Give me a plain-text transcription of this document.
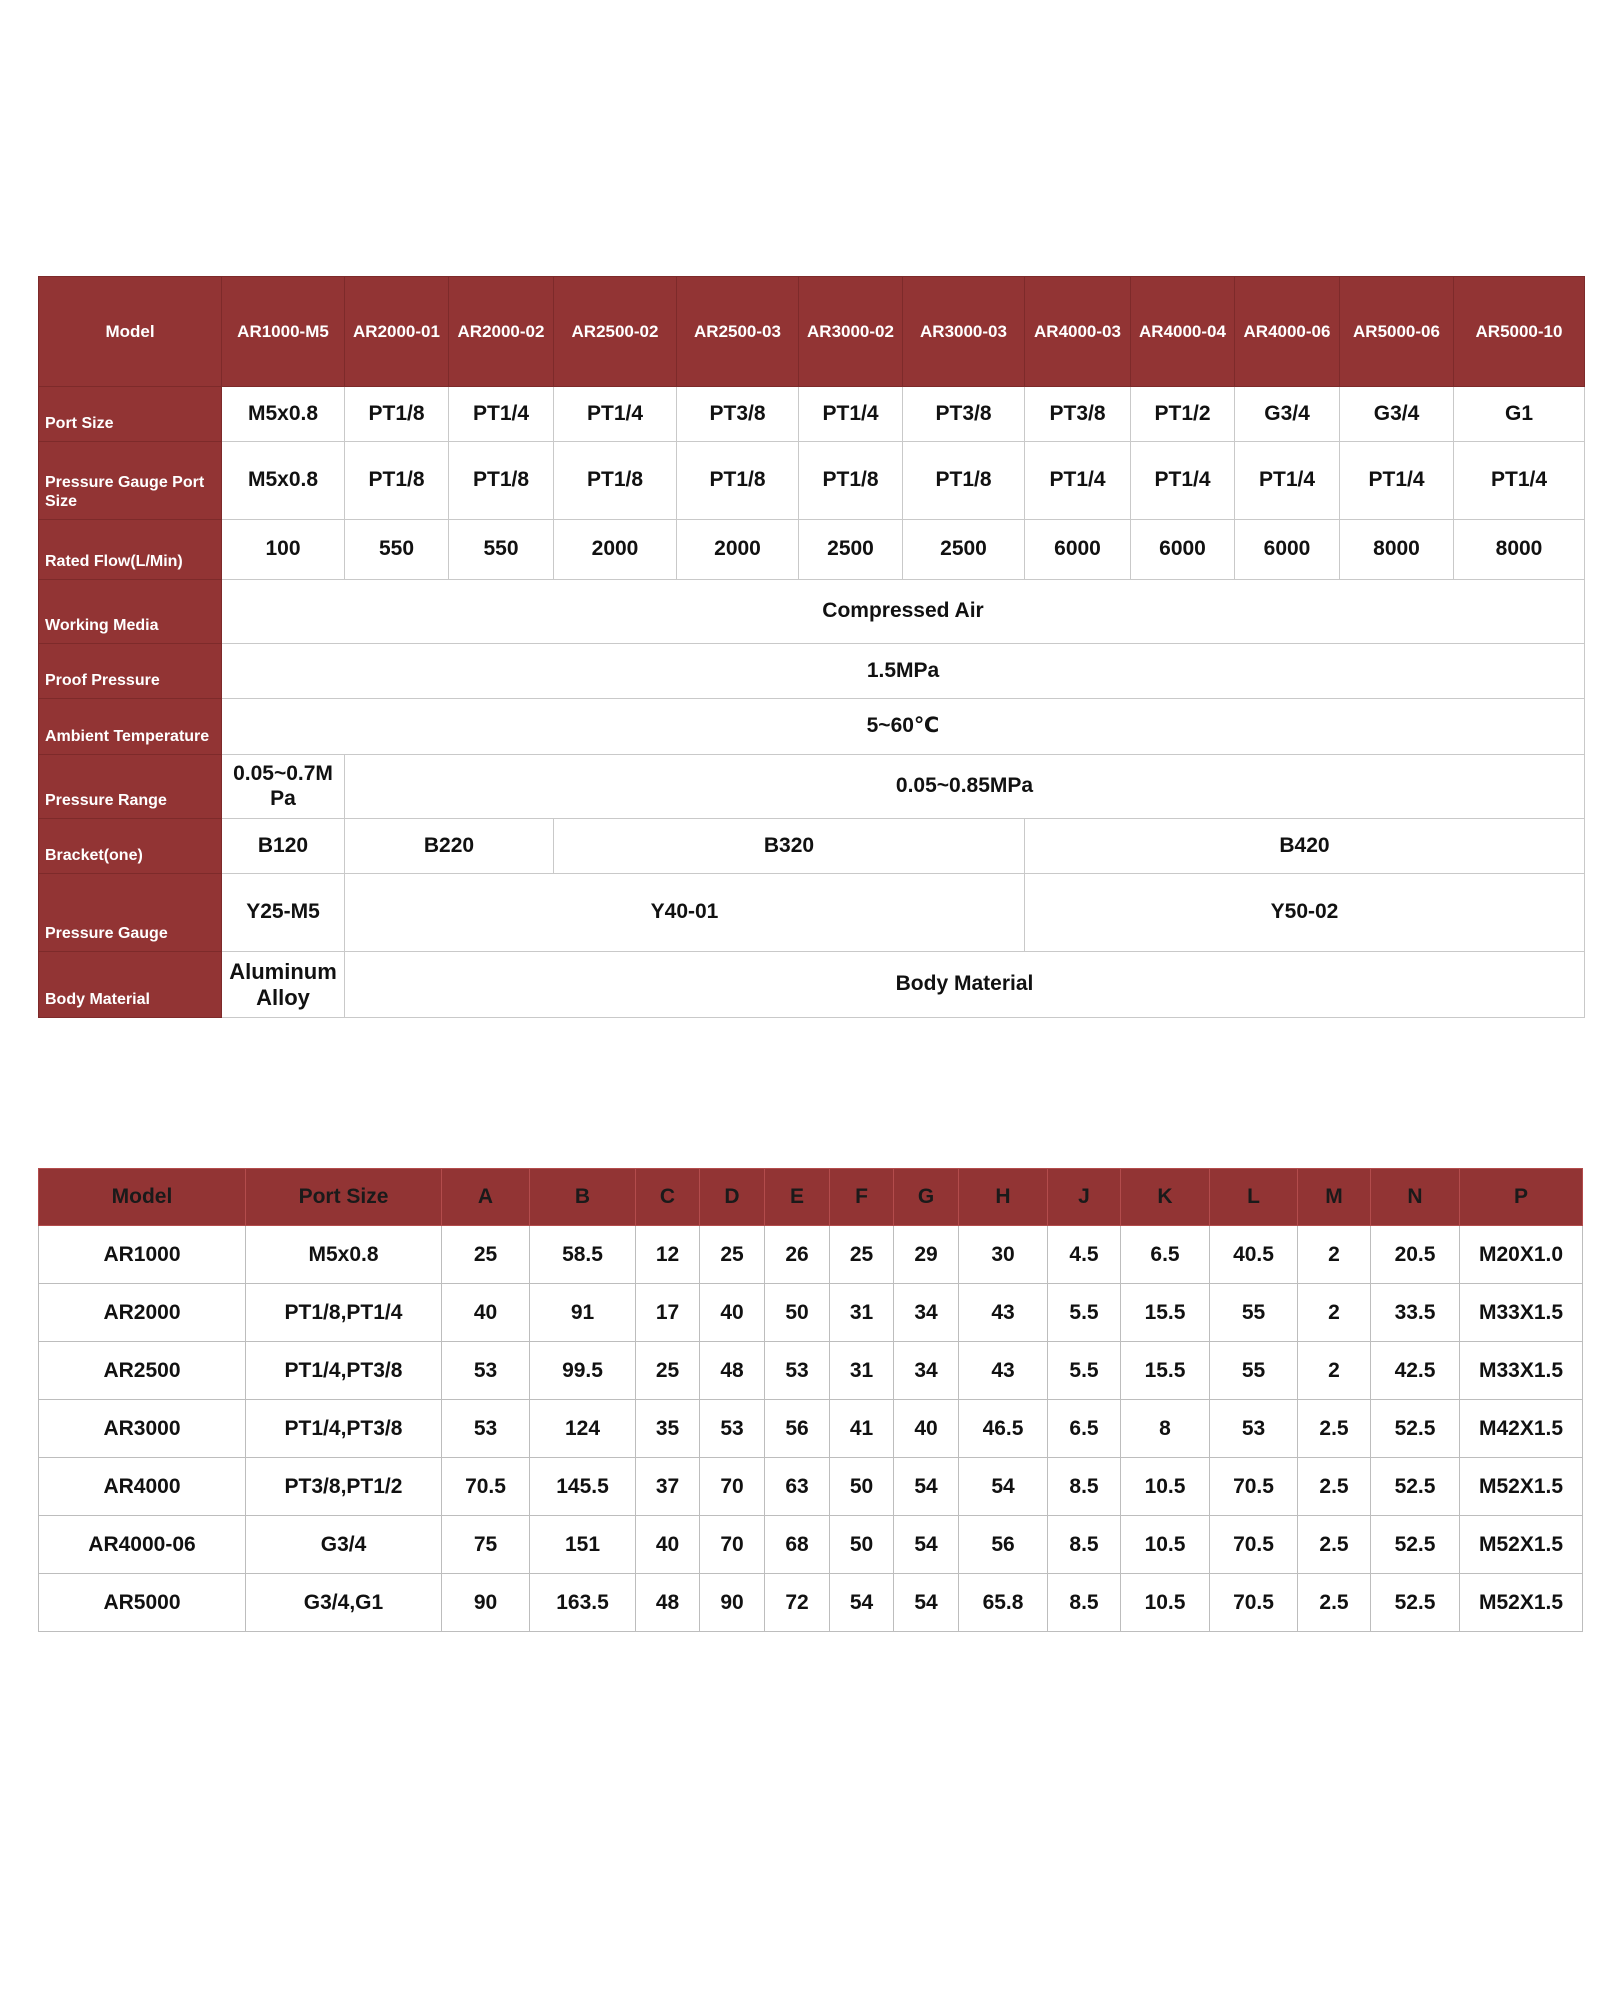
Model	AR1000-M5	AR2000-01	AR2000-02	AR2500-02	AR2500-03	AR3000-02	AR3000-03	AR4000-03	AR4000-04	AR4000-06	AR5000-06	AR5000-10
Port Size	M5x0.8	PT1/8	PT1/4	PT1/4	PT3/8	PT1/4	PT3/8	PT3/8	PT1/2	G3/4	G3/4	G1
Pressure Gauge Port Size	M5x0.8	PT1/8	PT1/8	PT1/8	PT1/8	PT1/8	PT1/8	PT1/4	PT1/4	PT1/4	PT1/4	PT1/4
Rated Flow(L/Min)	100	550	550	2000	2000	2500	2500	6000	6000	6000	8000	8000
Working Media	Compressed Air											
Proof Pressure	1.5MPa											
Ambient Temperature	5~60℃											
Pressure Range	0.05~0.7MPa	0.05~0.85MPa										
Bracket(one)	B120	B220		B320				B420				
Pressure Gauge	Y25-M5	Y40-01						Y50-02				
Body Material	Aluminum Alloy	Body Material										
Model	Port Size	A	B	C	D	E	F	G	H	J	K	L	M	N	P
AR1000	M5x0.8	25	58.5	12	25	26	25	29	30	4.5	6.5	40.5	2	20.5	M20X1.0
AR2000	PT1/8,PT1/4	40	91	17	40	50	31	34	43	5.5	15.5	55	2	33.5	M33X1.5
AR2500	PT1/4,PT3/8	53	99.5	25	48	53	31	34	43	5.5	15.5	55	2	42.5	M33X1.5
AR3000	PT1/4,PT3/8	53	124	35	53	56	41	40	46.5	6.5	8	53	2.5	52.5	M42X1.5
AR4000	PT3/8,PT1/2	70.5	145.5	37	70	63	50	54	54	8.5	10.5	70.5	2.5	52.5	M52X1.5
AR4000-06	G3/4	75	151	40	70	68	50	54	56	8.5	10.5	70.5	2.5	52.5	M52X1.5
AR5000	G3/4,G1	90	163.5	48	90	72	54	54	65.8	8.5	10.5	70.5	2.5	52.5	M52X1.5
